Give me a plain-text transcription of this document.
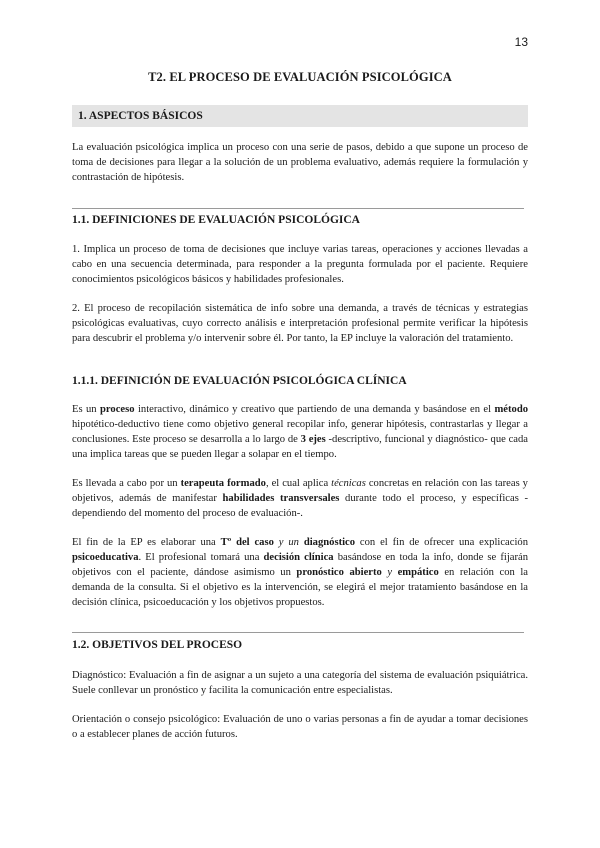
13
T2. EL PROCESO DE EVALUACIÓN PSICOLÓGICA
1. ASPECTOS BÁSICOS

La evaluación psicológica implica un proceso con una serie de pasos, debido a que supone un proceso de toma de decisiones para llegar a la solución de un problema evaluativo, además requiere la formulación y contrastación de hipótesis.

1.1. DEFINICIONES DE EVALUACIÓN PSICOLÓGICA

1. Implica un proceso de toma de decisiones que incluye varias tareas, operaciones y acciones llevadas a cabo en una secuencia determinada, para responder a la pregunta formulada por el paciente. Requiere conocimientos psicológicos básicos y habilidades profesionales.

2. El proceso de recopilación sistemática de info sobre una demanda, a través de técnicas y estrategias psicológicas evaluativas, cuyo correcto análisis e interpretación profesional permite verificar la hipótesis para descubrir el problema y/o intervenir sobre él. Por tanto, la EP incluye la valoración del tratamiento.

1.1.1. DEFINICIÓN DE EVALUACIÓN PSICOLÓGICA CLÍNICA

Es un proceso interactivo, dinámico y creativo que partiendo de una demanda y basándose en el método hipotético-deductivo tiene como objetivo general recopilar info, generar hipótesis, contrastarlas y llegar a conclusiones. Este proceso se desarrolla a lo largo de 3 ejes -descriptivo, funcional y diagnóstico- que cada una implica tareas que se pueden llegar a solapar en el tiempo.

Es llevada a cabo por un terapeuta formado, el cual aplica técnicas concretas en relación con las tareas y objetivos, además de manifestar habilidades transversales durante todo el proceso, y específicas -dependiendo del momento del proceso de evaluación-.

El fin de la EP es elaborar una Tº del caso y un diagnóstico con el fin de ofrecer una explicación psicoeducativa. El profesional tomará una decisión clínica basándose en toda la info, donde se fijarán objetivos con el paciente, dándose asimismo un pronóstico abierto y empático en relación con la demanda de la consulta. Si el objetivo es la intervención, se elegirá el mejor tratamiento basándose en la decisión clínica, psicoeducación y los objetivos propuestos.

1.2. OBJETIVOS DEL PROCESO

Diagnóstico: Evaluación a fin de asignar a un sujeto a una categoría del sistema de evaluación psiquiátrica. Suele conllevar un pronóstico y facilita la comunicación entre especialistas.

Orientación o consejo psicológico: Evaluación de uno o varias personas a fin de ayudar a tomar decisiones o a establecer planes de acción futuros.
